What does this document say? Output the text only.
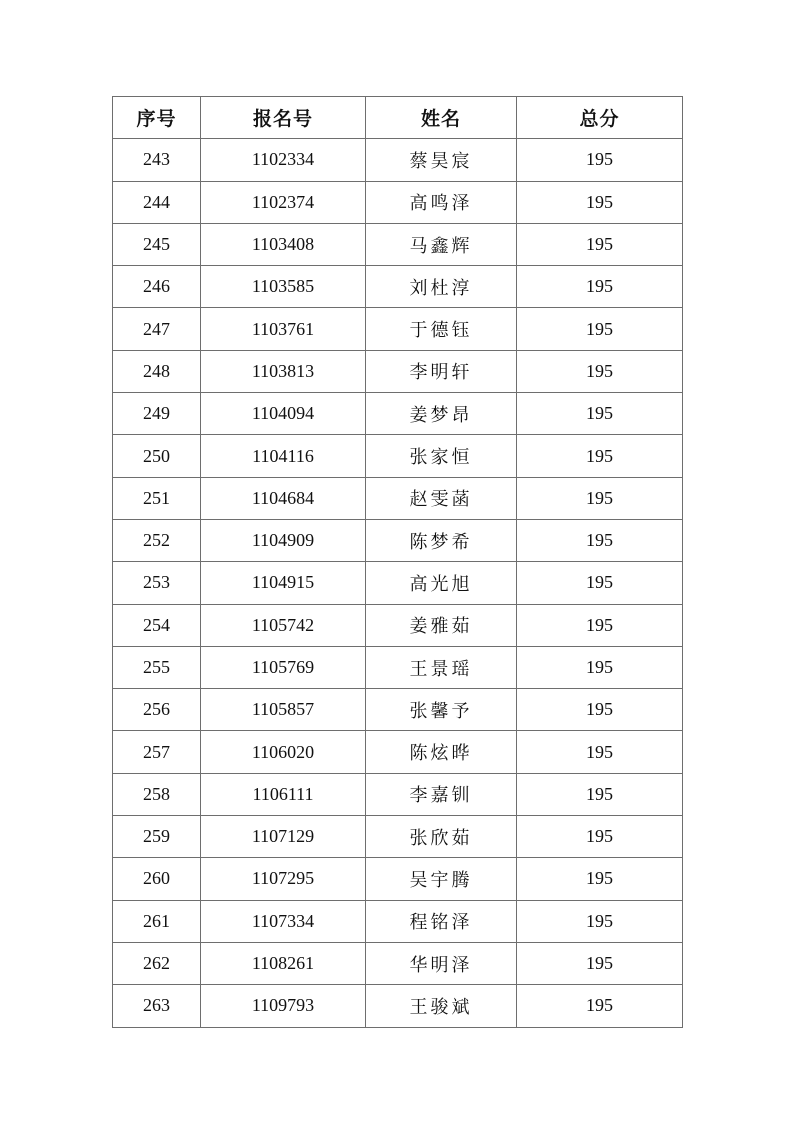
序号	报名号	姓名	总分
243	1102334	蔡昊宸	195
244	1102374	高鸣泽	195
245	1103408	马鑫辉	195
246	1103585	刘杜淳	195
247	1103761	于德钰	195
248	1103813	李明轩	195
249	1104094	姜梦昂	195
250	1104116	张家恒	195
251	1104684	赵雯菡	195
252	1104909	陈梦希	195
253	1104915	高光旭	195
254	1105742	姜雅茹	195
255	1105769	王景瑶	195
256	1105857	张馨予	195
257	1106020	陈炫晔	195
258	1106111	李嘉钏	195
259	1107129	张欣茹	195
260	1107295	吴宇腾	195
261	1107334	程铭泽	195
262	1108261	华明泽	195
263	1109793	王骏斌	195
